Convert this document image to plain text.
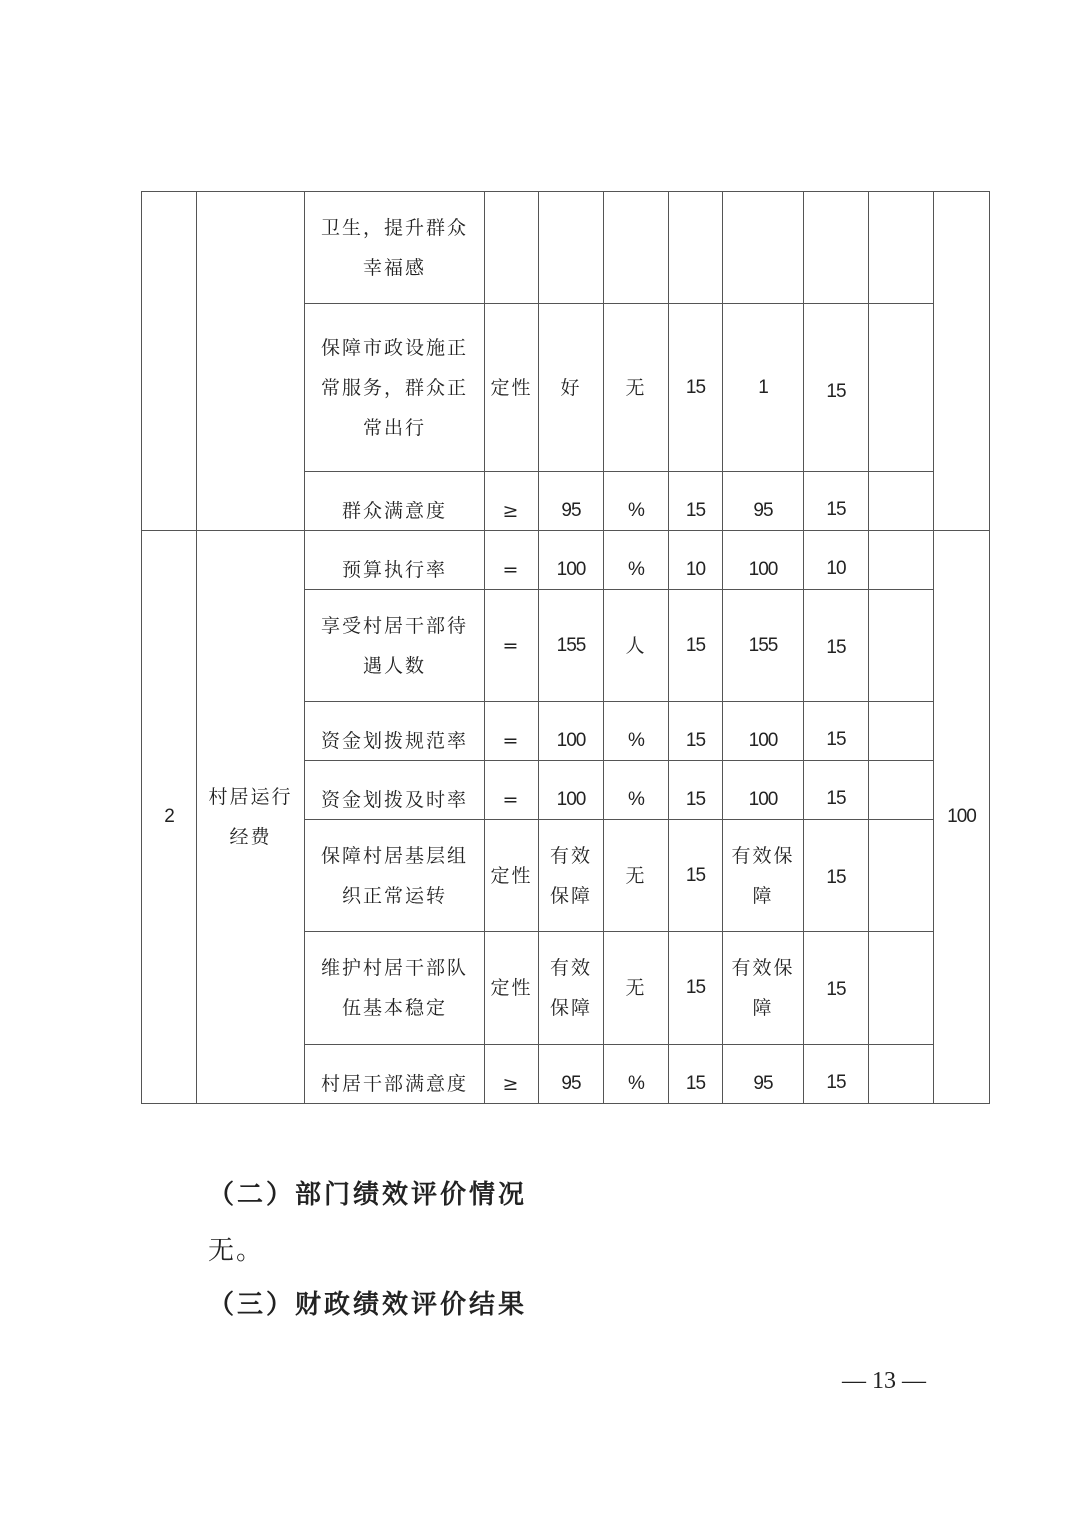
		卫生，提升群众幸福感								
		保障市政设施正常服务，群众正常出行	定性	好	无	15	1	15		
		群众满意度	≥	95	%	15	95	15		
2	村居运行经费	预算执行率	=	100	%	10	100	10		100
		享受村居干部待遇人数	=	155	人	15	155	15		
		资金划拨规范率	=	100	%	15	100	15		
		资金划拨及时率	=	100	%	15	100	15		
		保障村居基层组织正常运转	定性	有效保障	无	15	有效保障	15		
		维护村居干部队伍基本稳定	定性	有效保障	无	15	有效保障	15		
		村居干部满意度	≥	95	%	15	95	15		
（二）部门绩效评价情况

无。

（三）财政绩效评价结果
— 13 —
